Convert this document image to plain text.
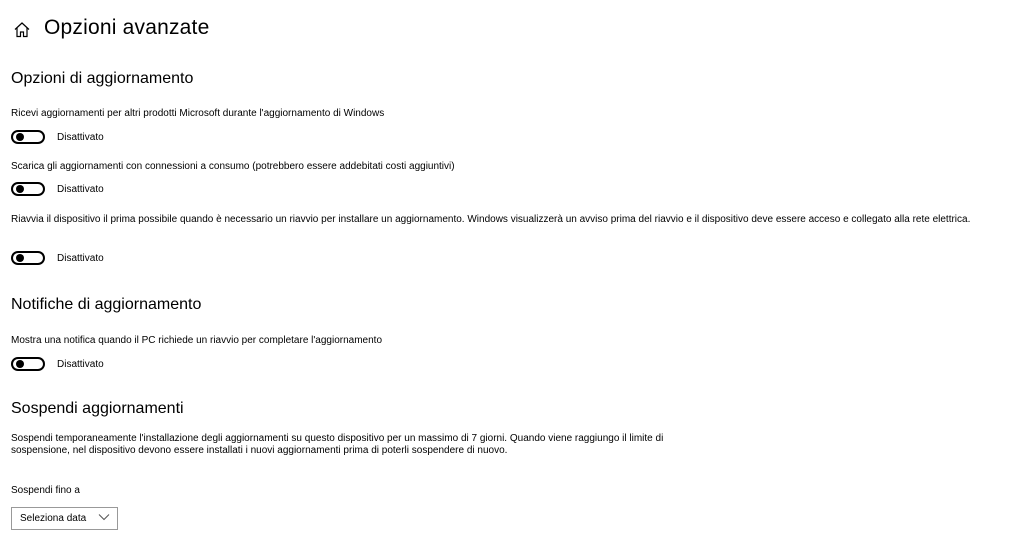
Opzioni avanzate
Opzioni di aggiornamento
Ricevi aggiornamenti per altri prodotti Microsoft durante l'aggiornamento di Windows
Disattivato
Scarica gli aggiornamenti con connessioni a consumo (potrebbero essere addebitati costi aggiuntivi)
Disattivato
Riavvia il dispositivo il prima possibile quando è necessario un riavvio per installare un aggiornamento. Windows visualizzerà un avviso prima del riavvio e il dispositivo deve essere acceso e collegato alla rete elettrica.
Disattivato
Notifiche di aggiornamento
Mostra una notifica quando il PC richiede un riavvio per completare l'aggiornamento
Disattivato
Sospendi aggiornamenti
Sospendi temporaneamente l'installazione degli aggiornamenti su questo dispositivo per un massimo di 7 giorni. Quando viene raggiungo il limite di sospensione, nel dispositivo devono essere installati i nuovi aggiornamenti prima di poterli sospendere di nuovo.
Sospendi fino a
Seleziona data
